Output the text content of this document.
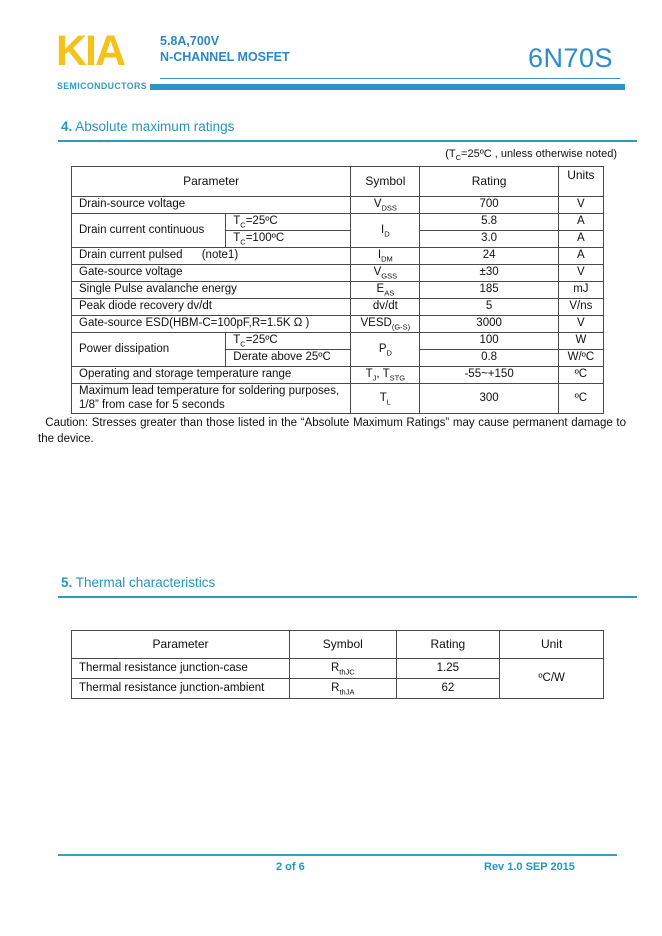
KIA
SEMICONDUCTORS
5.8A,700V
N-CHANNEL MOSFET	6N70S
4. Absolute maximum ratings
($T_C=25ºC$ , unless otherwise noted)
Parameter		Symbol	Rating	Units
Drain-source voltage		$V_{DSS}$	700	V
Drain current continuous	$T_C=25ºC$	$I_D$	5.8	A
	$T_C=100ºC$		3.0	A
Drain current pulsed      (note1)		$I_{DM}$	24	A
Gate-source voltage		$V_{GSS}$	±30	V
Single Pulse avalanche energy		$E_{AS}$	185	mJ
Peak diode recovery dv/dt		dv/dt	5	V/ns
Gate-source ESD(HBM-C=100pF,R=1.5K Ω )		$VESD_{(G-S)}$	3000	V
Power dissipation	$T_C=25ºC$	$P_D$	100	W
	Derate above 25ºC		0.8	W/ºC
Operating and storage temperature range		$T_J$, $T_{STG}$	-55~+150	ºC
Maximum lead temperature for soldering purposes, 1/8” from case for 5 seconds		$T_L$	300	ºC

Caution: Stresses greater than those listed in the “Absolute Maximum Ratings” may cause permanent damage to the device.

5. Thermal characteristics
Parameter	Symbol	Rating	Unit
Thermal resistance junction-case	$R_{thJC}$	1.25	ºC/W
Thermal resistance junction-ambient	$R_{thJA}$	62	
2 of 6	Rev 1.0 SEP 2015
